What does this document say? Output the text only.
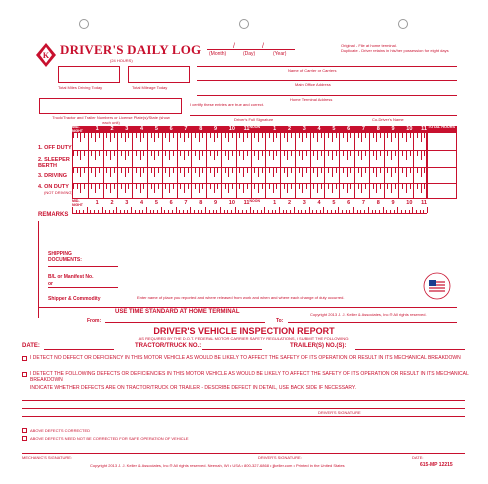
K DRIVER'S DAILY LOG
(24 HOURS)
(Month)	(Day)	(Year)
/	/	Original - File at home terminal.
Duplicate - Driver retains in his/her possession for eight days
Total Miles Driving Today	Total Mileage Today
Name of Carrier or Carriers
Main Office Address
Home Terminal Address
I certify these entries are true and correct.
Truck/Tractor and Trailer Numbers or License Plate(s)/State (show each unit)
Driver's Full Signature	Co-Driver's Name
MID-NIGHT 1 2 3 4 5 6 7 8 9 10 11 NOON 1 2 3 4 5 6 7 8 9 10 11 TOTAL HOURS
1. OFF DUTY
2. SLEEPER BERTH
3. DRIVING
4. ON DUTY
(NOT DRIVING)
MID-NIGHT 1 2 3 4 5 6 7 8 9 10 11 NOON 1 2 3 4 5 6 7 8 9 10 11
REMARKS
SHIPPING DOCUMENTS:
B/L or Manifest No.
or
Shipper & Commodity	Enter name of place you reported and where released from work and when and where each change of duty occurred.
USE TIME STANDARD AT HOME TERMINAL
From:	To:
Copyright 2013 J. J. Keller & Associates, Inc.® All rights reserved.
DRIVER'S VEHICLE INSPECTION REPORT
AS REQUIRED BY THE D.O.T. FEDERAL MOTOR CARRIER SAFETY REGULATIONS, I SUBMIT THE FOLLOWING:
DATE:	TRACTOR/TRUCK NO.:	TRAILER(S) NO.(S):
I DETECT NO DEFECT OR DEFICIENCY IN THIS MOTOR VEHICLE AS WOULD BE LIKELY TO AFFECT THE SAFETY OF ITS OPERATION OR RESULT IN ITS MECHANICAL BREAKDOWN
I DETECT THE FOLLOWING DEFECTS OR DEFICIENCIES IN THIS MOTOR VEHICLE AS WOULD BE LIKELY TO AFFECT THE SAFETY OF ITS OPERATION OR RESULT IN ITS MECHANICAL BREAKDOWN
INDICATE WHETHER DEFECTS ARE ON TRACTOR/TRUCK OR TRAILER - DESCRIBE DEFECT IN DETAIL, USE BACK SIDE IF NECESSARY.
DRIVER'S SIGNATURE
ABOVE DEFECTS CORRECTED
ABOVE DEFECTS NEED NOT BE CORRECTED FOR SAFE OPERATION OF VEHICLE
MECHANIC'S SIGNATURE:	DRIVER'S SIGNATURE:	DATE:
Copyright 2013 J. J. Keller & Associates, Inc.® All rights reserved. Neenah, WI • USA • 800-327-6868 • jjkeller.com • Printed in the United States	615-MP 12215
